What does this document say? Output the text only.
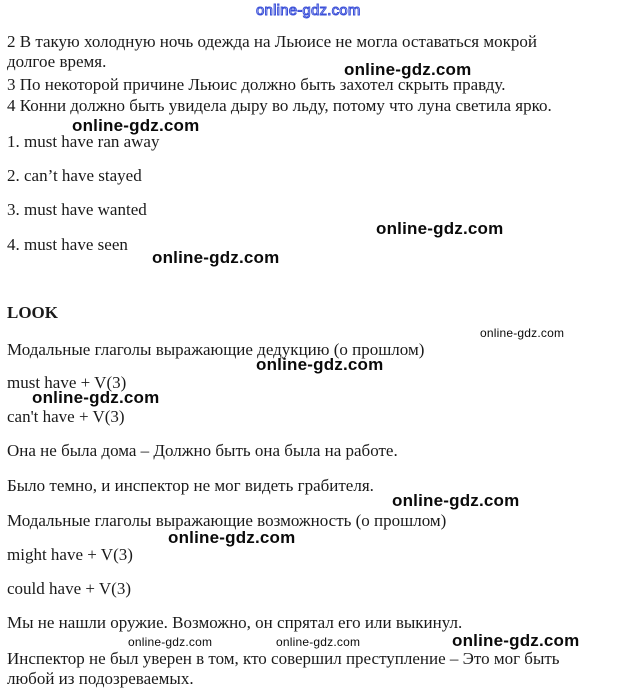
online-gdz.com
2 В такую холодную ночь одежда на Льюисе не могла оставаться мокрой
долгое время.
3 По некоторой причине Льюис должно быть захотел скрыть правду.
4 Конни должно быть увидела дыру во льду, потому что луна светила ярко.
1. must have ran away
2. can’t have stayed
3. must have wanted
4. must have seen
LOOK
Модальные глаголы выражающие дедукцию (о прошлом)
must have + V(3)
can't have + V(3)
Она не была дома – Должно быть она была на работе.
Было темно, и инспектор не мог видеть грабителя.
Модальные глаголы выражающие возможность (о прошлом)
might have + V(3)
could have + V(3)
Мы не нашли оружие. Возможно, он спрятал его или выкинул.
Инспектор не был уверен в том, кто совершил преступление – Это мог быть
любой из подозреваемых.
online-gdz.com
online-gdz.com
online-gdz.com
online-gdz.com
online-gdz.com
online-gdz.com
online-gdz.com
online-gdz.com
online-gdz.com
online-gdz.com	online-gdz.com	online-gdz.com
